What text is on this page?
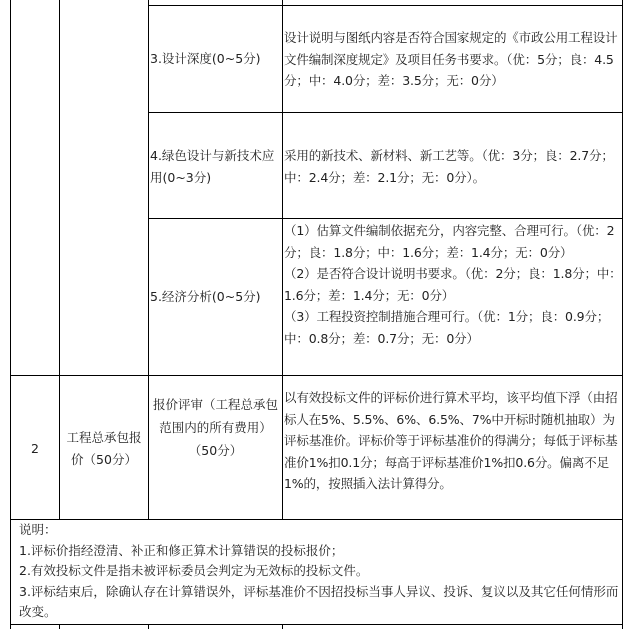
3.设计深度(0~5分)
设计说明与图纸内容是否符合国家规定的《市政公用工程设计文件编制深度规定》及项目任务书要求。（优：5分；良：4.5分；中：4.0分；差：3.5分；无：0分）
4.绿色设计与新技术应用(0~3分)
采用的新技术、新材料、新工艺等。（优：3分；良：2.7分；中：2.4分；差：2.1分；无：0分）。
5.经济分析(0~5分)
（1）估算文件编制依据充分，内容完整、合理可行。（优：2分；良：1.8分；中：1.6分；差：1.4分；无：0分）
（2）是否符合设计说明书要求。（优：2分；良：1.8分；中：1.6分；差：1.4分；无：0分）
（3）工程投资控制措施合理可行。（优：1分；良：0.9分；中：0.8分；差：0.7分；无：0分）
2
工程总承包报价（50分）
报价评审（工程总承包范围内的所有费用）
（50分）
以有效投标文件的评标价进行算术平均，该平均值下浮（由招标人在5%、5.5%、6%、6.5%、7%中开标时随机抽取）为评标基准价。评标价等于评标基准价的得满分；每低于评标基准价1%扣0.1分；每高于评标基准价1%扣0.6分。偏离不足1%的，按照插入法计算得分。
说明：
1.评标价指经澄清、补正和修正算术计算错误的投标报价；
2.有效投标文件是指未被评标委员会判定为无效标的投标文件。
3.评标结束后，除确认存在计算错误外，评标基准价不因招投标当事人异议、投诉、复议以及其它任何情形而改变。
